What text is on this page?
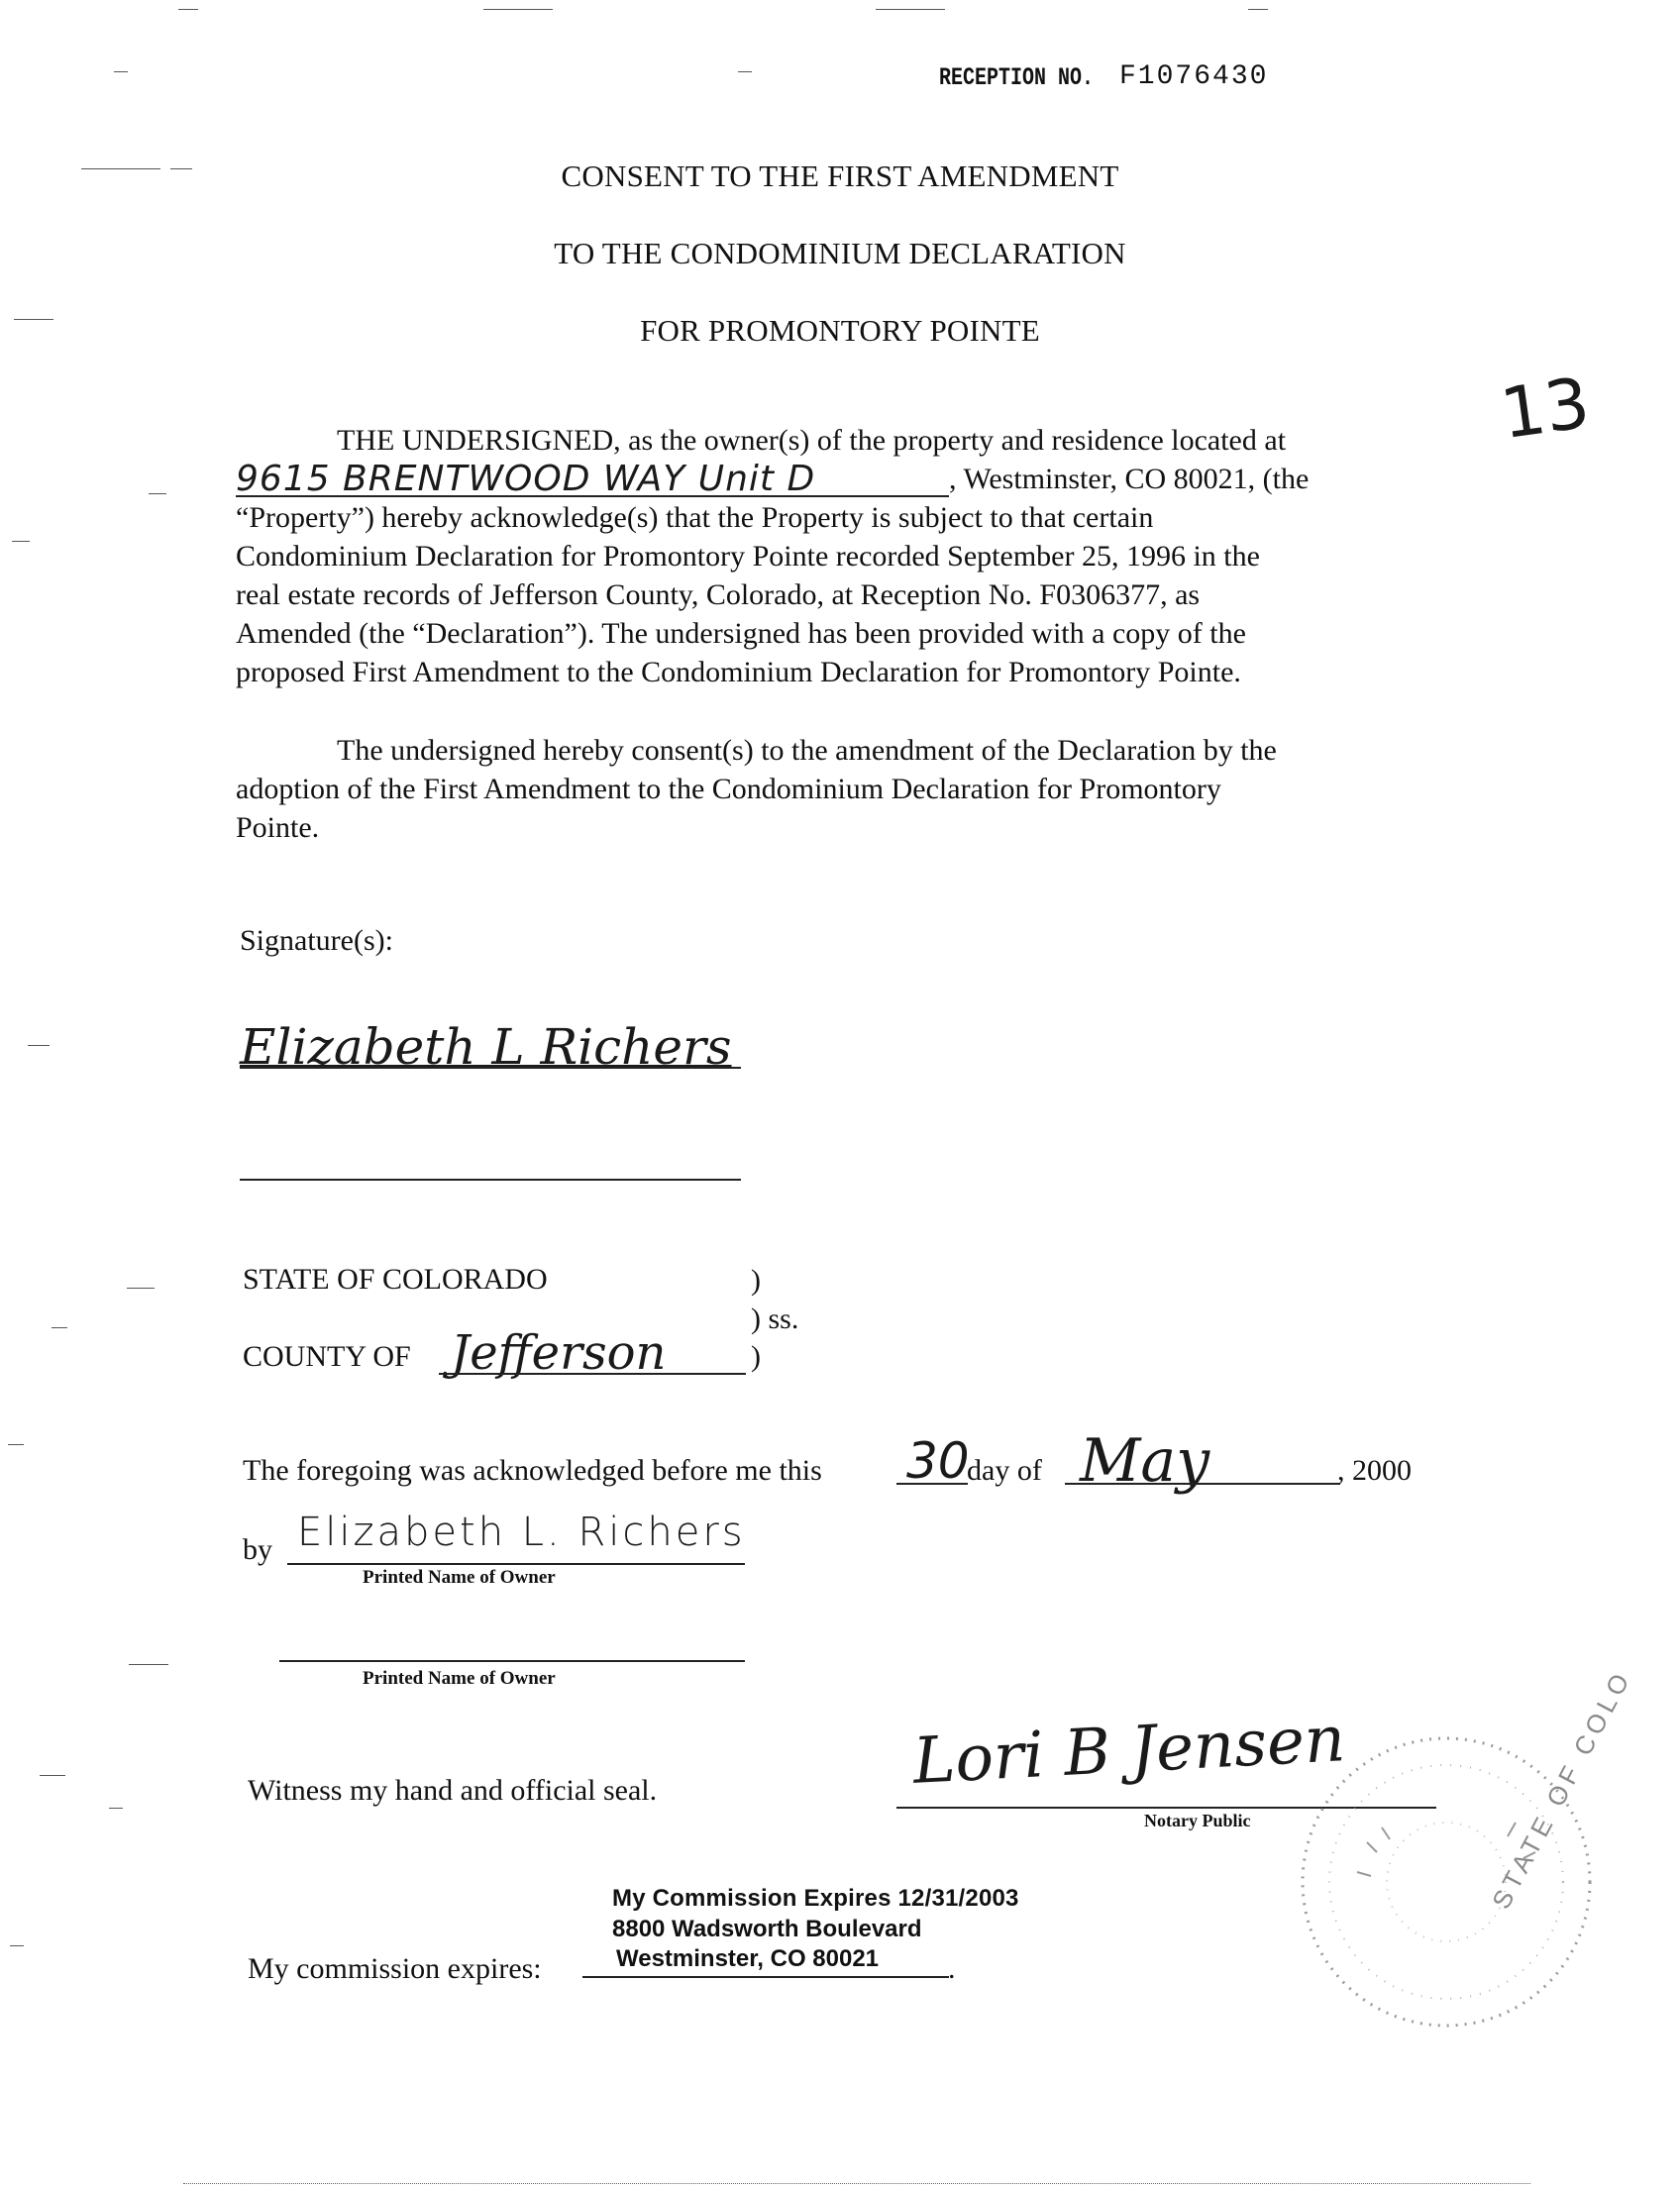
RECEPTION NO. F1076430
13
CONSENT TO THE FIRST AMENDMENT
TO THE CONDOMINIUM DECLARATION
FOR PROMONTORY POINTE
THE UNDERSIGNED, as the owner(s) of the property and residence located at
9615 BRENTWOOD WAY Unit D	, Westminster, CO 80021, (the
“Property”) hereby acknowledge(s) that the Property is subject to that certain
Condominium Declaration for Promontory Pointe recorded September 25, 1996 in the
real estate records of Jefferson County, Colorado, at Reception No. F0306377, as
Amended (the “Declaration”). The undersigned has been provided with a copy of the
proposed First Amendment to the Condominium Declaration for Promontory Pointe.
The undersigned hereby consent(s) to the amendment of the Declaration by the
adoption of the First Amendment to the Condominium Declaration for Promontory
Pointe.
Signature(s):
Elizabeth L Richers
STATE OF COLORADO	)
) ss.
COUNTY OF Jefferson	)
The foregoing was acknowledged before me this 30
day of May	, 2000
by Elizabeth L. Richers
Printed Name of Owner
Printed Name of Owner
Witness my hand and official seal.	Lori B Jensen
Notary Public	STATE OF COLO
My Commission Expires 12/31/2003
8800 Wadsworth Boulevard
My commission expires:	Westminster, CO 80021 .
